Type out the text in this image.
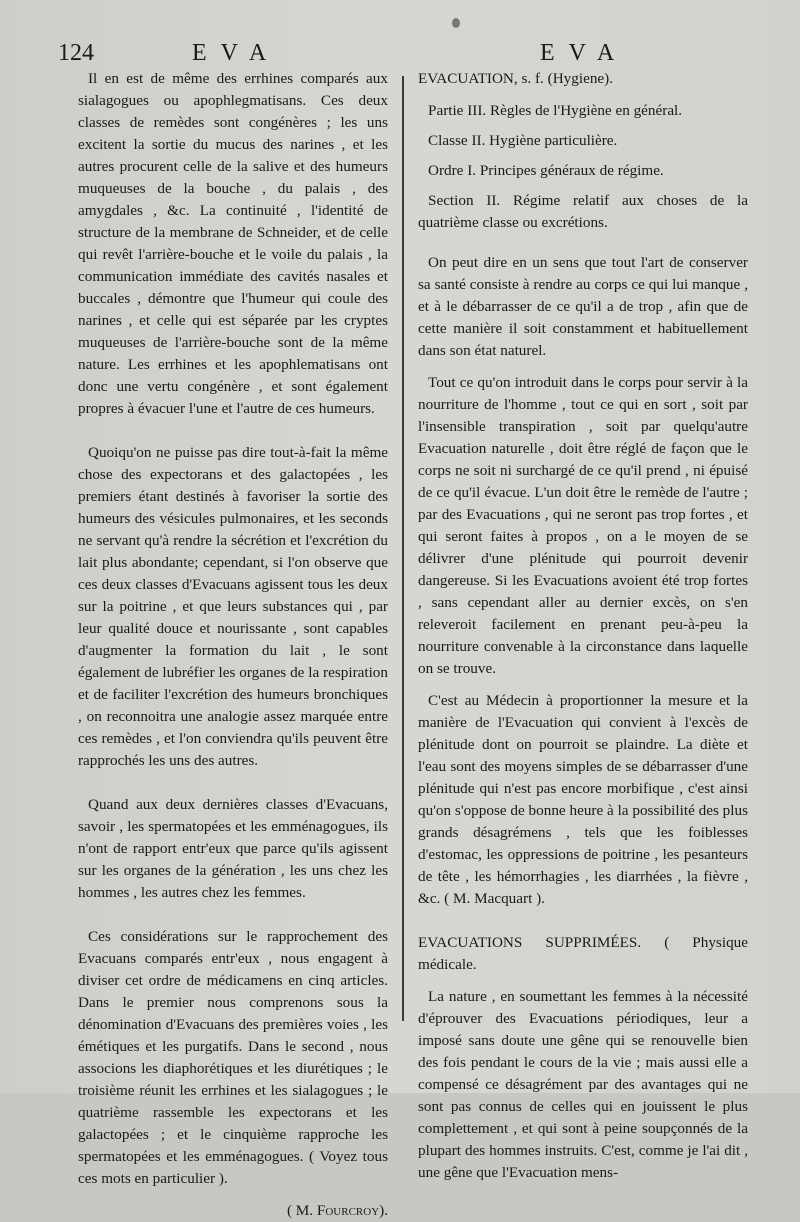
124	EVA	EVA

Il en est de même des errhines comparés aux sialagogues ou apophlegmatisans. Ces deux classes de remèdes sont congénères ; les uns excitent la sortie du mucus des narines , et les autres procurent celle de la salive et des humeurs muqueuses de la bouche , du palais , des amygdales , &c. La continuité , l'identité de structure de la membrane de Schneider, et de celle qui revêt l'arrière-bouche et le voile du palais , la communication immédiate des cavités nasales et buccales , démontre que l'humeur qui coule des narines , et celle qui est séparée par les cryptes muqueuses de l'arrière-bouche sont de la même nature. Les errhines et les apophlematisans ont donc une vertu congénère , et sont également propres à évacuer l'une et l'autre de ces humeurs.

Quoiqu'on ne puisse pas dire tout-à-fait la même chose des expectorans et des galactopées , les premiers étant destinés à favoriser la sortie des humeurs des vésicules pulmonaires, et les seconds ne servant qu'à rendre la sécrétion et l'excrétion du lait plus abondante; cependant, si l'on observe que ces deux classes d'Evacuans agissent tous les deux sur la poitrine , et que leurs substances qui , par leur qualité douce et nourissante , sont capables d'augmenter la formation du lait , le sont également de lubréfier les organes de la respiration et de faciliter l'excrétion des humeurs bronchiques , on reconnoitra une analogie assez marquée entre ces remèdes , et l'on conviendra qu'ils peuvent être rapprochés les uns des autres.

Quand aux deux dernières classes d'Evacuans, savoir , les spermatopées et les emménagogues, ils n'ont de rapport entr'eux que parce qu'ils agissent sur les organes de la génération , les uns chez les hommes , les autres chez les femmes.

Ces considérations sur le rapprochement des Evacuans comparés entr'eux , nous engagent à diviser cet ordre de médicamens en cinq articles. Dans le premier nous comprenons sous la dénomination d'Evacuans des premières voies , les émétiques et les purgatifs. Dans le second , nous associons les diaphorétiques et les diurétiques ; le troisième réunit les errhines et les sialagogues ; le quatrième rassemble les expectorans et les galactopées ; et le cinquième rapproche les spermatopées et les emménagogues. ( Voyez tous ces mots en particulier ).

( M. Fourcroy).

EVACUATION, s. f. (Hygiene).

Partie III. Règles de l'Hygiène en général.

Classe II. Hygiène particulière.

Ordre I. Principes généraux de régime.

Section II. Régime relatif aux choses de la quatrième classe ou excrétions.

On peut dire en un sens que tout l'art de conserver sa santé consiste à rendre au corps ce qui lui manque , et à le débarrasser de ce qu'il a de trop , afin que de cette manière il soit constamment et habituellement dans son état naturel.

Tout ce qu'on introduit dans le corps pour servir à la nourriture de l'homme , tout ce qui en sort , soit par l'insensible transpiration , soit par quelqu'autre Evacuation naturelle , doit être réglé de façon que le corps ne soit ni surchargé de ce qu'il prend , ni épuisé de ce qu'il évacue. L'un doit être le remède de l'autre ; par des Evacuations , qui ne seront pas trop fortes , et qui seront faites à propos , on a le moyen de se délivrer d'une plénitude qui pourroit devenir dangereuse. Si les Evacuations avoient été trop fortes , sans cependant aller au dernier excès, on s'en releveroit facilement en prenant peu-à-peu la nourriture convenable à la circonstance dans laquelle on se trouve.

C'est au Médecin à proportionner la mesure et la manière de l'Evacuation qui convient à l'excès de plénitude dont on pourroit se plaindre. La diète et l'eau sont des moyens simples de se débarrasser d'une plénitude qui n'est pas encore morbifique , c'est ainsi qu'on s'oppose de bonne heure à la possibilité des plus grands désagrémens , tels que les foiblesses d'estomac, les oppressions de poitrine , les pesanteurs de tête , les hémorrhagies , les diarrhées , la fièvre , &c. ( M. Macquart ).

EVACUATIONS SUPPRIMÉES. ( Physique médicale.

La nature , en soumettant les femmes à la nécessité d'éprouver des Evacuations périodiques, leur a imposé sans doute une gêne qui se renouvelle bien des fois pendant le cours de la vie ; mais aussi elle a compensé ce désagrément par des avantages qui ne sont pas connus de celles qui en jouissent le plus complettement , et qui sont à peine soupçonnés de la plupart des hommes instruits. C'est, comme je l'ai dit , une gêne que l'Evacuation mens-
